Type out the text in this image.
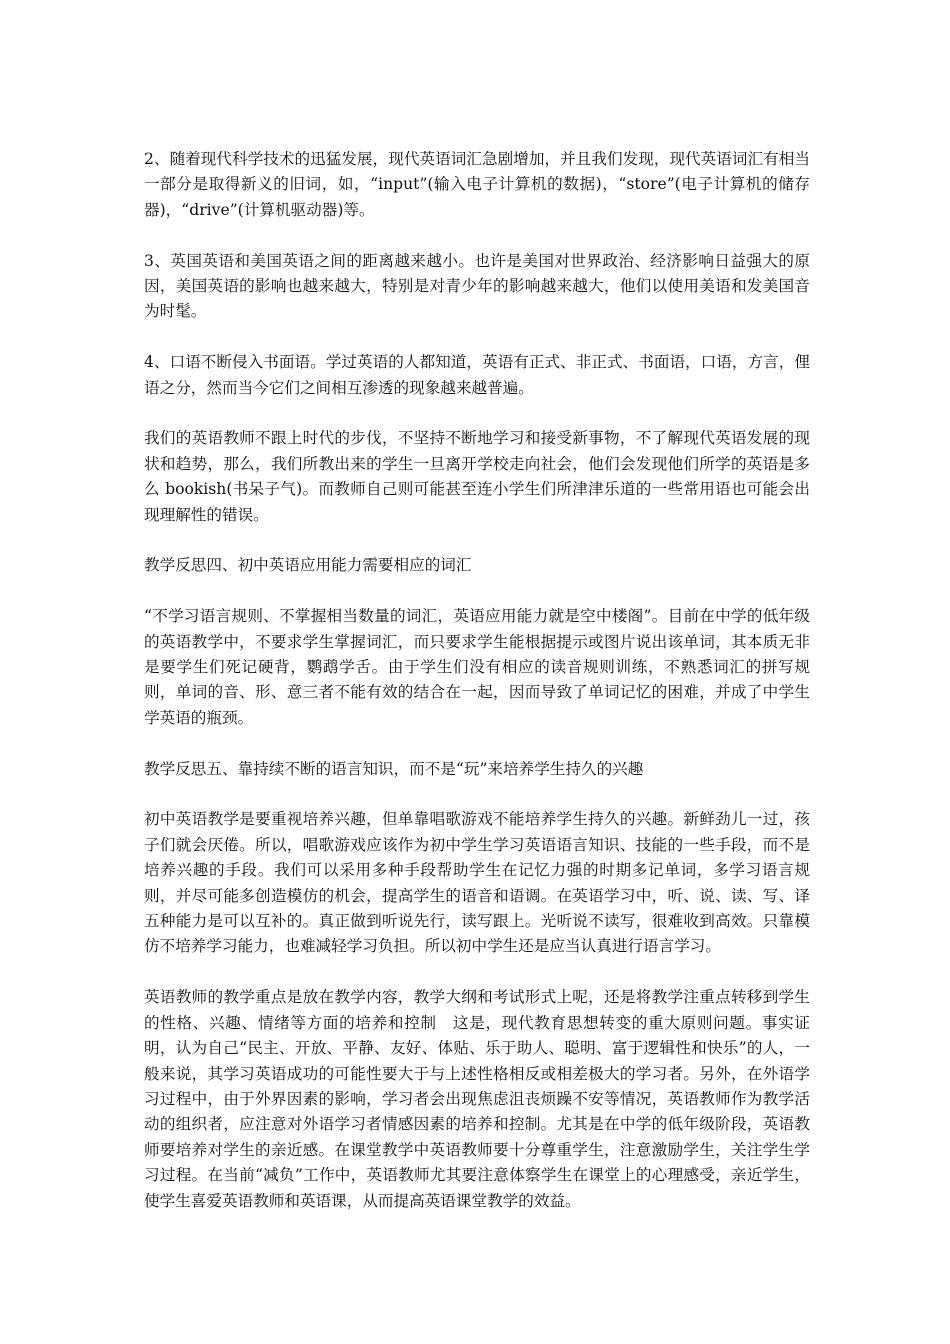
2、随着现代科学技术的迅猛发展，现代英语词汇急剧增加，并且我们发现，现代英语词汇有相当一部分是取得新义的旧词，如，“input”(输入电子计算机的数据)，“store”(电子计算机的储存器)，“drive”(计算机驱动器)等。

3、英国英语和美国英语之间的距离越来越小。也许是美国对世界政治、经济影响日益强大的原因，美国英语的影响也越来越大，特别是对青少年的影响越来越大，他们以使用美语和发美国音为时髦。

4、口语不断侵入书面语。学过英语的人都知道，英语有正式、非正式、书面语，口语，方言，俚语之分，然而当今它们之间相互渗透的现象越来越普遍。

我们的英语教师不跟上时代的步伐，不坚持不断地学习和接受新事物，不了解现代英语发展的现状和趋势，那么，我们所教出来的学生一旦离开学校走向社会，他们会发现他们所学的英语是多么 bookish(书呆子气)。而教师自己则可能甚至连小学生们所津津乐道的一些常用语也可能会出现理解性的错误。

教学反思四、初中英语应用能力需要相应的词汇

“不学习语言规则、不掌握相当数量的词汇，英语应用能力就是空中楼阁”。目前在中学的低年级的英语教学中，不要求学生掌握词汇，而只要求学生能根据提示或图片说出该单词，其本质无非是要学生们死记硬背，鹦鹉学舌。由于学生们没有相应的读音规则训练，不熟悉词汇的拼写规则，单词的音、形、意三者不能有效的结合在一起，因而导致了单词记忆的困难，并成了中学生学英语的瓶颈。

教学反思五、靠持续不断的语言知识，而不是“玩”来培养学生持久的兴趣

初中英语教学是要重视培养兴趣，但单靠唱歌游戏不能培养学生持久的兴趣。新鲜劲儿一过，孩子们就会厌倦。所以，唱歌游戏应该作为初中学生学习英语语言知识、技能的一些手段，而不是培养兴趣的手段。我们可以采用多种手段帮助学生在记忆力强的时期多记单词，多学习语言规则，并尽可能多创造模仿的机会，提高学生的语音和语调。在英语学习中，听、说、读、写、译五种能力是可以互补的。真正做到听说先行，读写跟上。光听说不读写，很难收到高效。只靠模仿不培养学习能力，也难减轻学习负担。所以初中学生还是应当认真进行语言学习。

英语教师的教学重点是放在教学内容，教学大纲和考试形式上呢，还是将教学注重点转移到学生的性格、兴趣、情绪等方面的培养和控制　这是，现代教育思想转变的重大原则问题。事实证明，认为自己“民主、开放、平静、友好、体贴、乐于助人、聪明、富于逻辑性和快乐”的人，一般来说，其学习英语成功的可能性要大于与上述性格相反或相差极大的学习者。另外，在外语学习过程中，由于外界因素的影响，学习者会出现焦虑沮丧烦躁不安等情况，英语教师作为教学活动的组织者，应注意对外语学习者情感因素的培养和控制。尤其是在中学的低年级阶段，英语教师要培养对学生的亲近感。在课堂教学中英语教师要十分尊重学生，注意激励学生，关注学生学习过程。在当前“减负”工作中，英语教师尤其要注意体察学生在课堂上的心理感受，亲近学生，使学生喜爱英语教师和英语课，从而提高英语课堂教学的效益。
